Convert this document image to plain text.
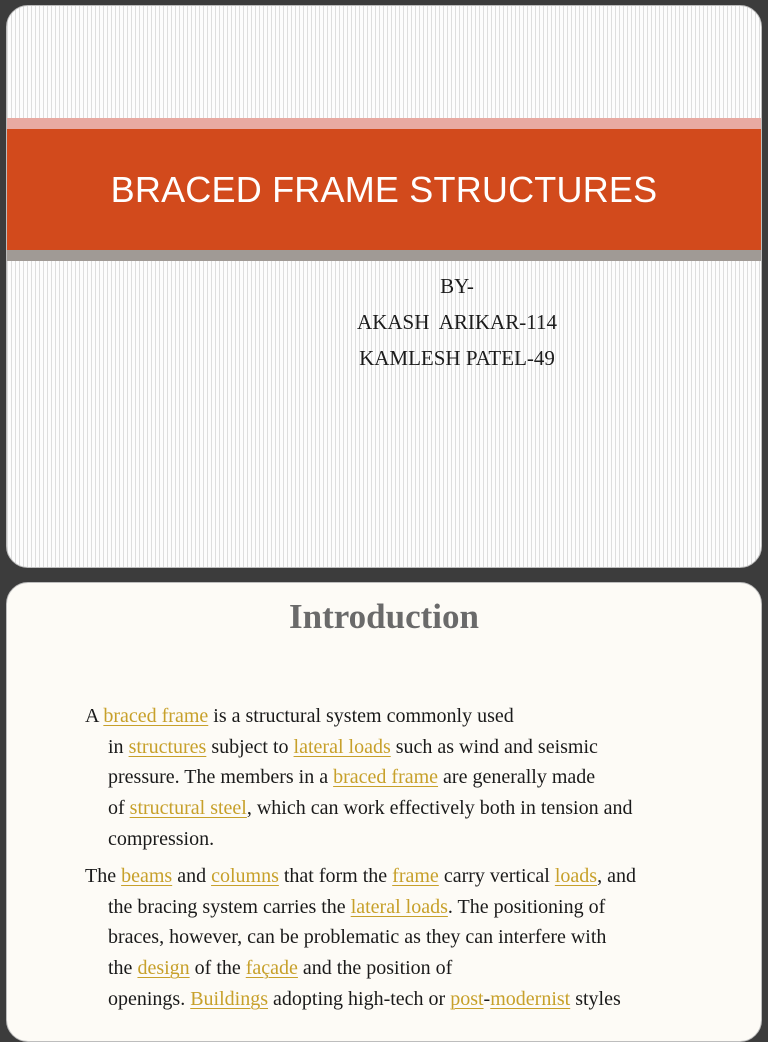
BRACED FRAME STRUCTURES
BY-
AKASH  ARIKAR-114
KAMLESH PATEL-49
Introduction
A braced frame is a structural system commonly used
in structures subject to lateral loads such as wind and seismic
pressure. The members in a braced frame are generally made
of structural steel, which can work effectively both in tension and
compression.
The beams and columns that form the frame carry vertical loads, and
the bracing system carries the lateral loads. The positioning of
braces, however, can be problematic as they can interfere with
the design of the façade and the position of
openings. Buildings adopting high-tech or post-modernist styles
